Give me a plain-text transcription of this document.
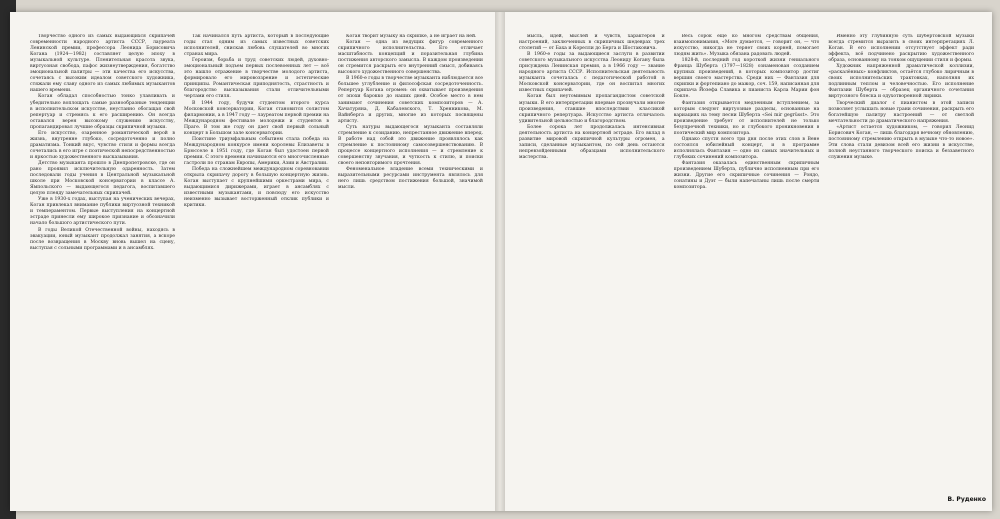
Творчество одного из самых выдающихся скрипачей современности народного артиста СССР, лауреата Ленинской премии, профессора Леонида Борисовича Когана (1924—1982) составляет целую эпоху в музыкальной культуре. Пленительная красота звука, виртуозная свобода, пафос жизнеутверждения, богатство эмоциональной палитры — эти качества его искусства, сочетаясь с высоким идеалом советского художника, стяжали ему славу одного из самых любимых музыкантов нашего времени.

Коган обладал способностью тонко улавливать и убедительно воплощать самые разнообразные тенденции в исполнительском искусстве, неустанно обогащая свой репертуар и стремясь к его расширению. Он всегда оставался верен высокому служению искусству, пропагандировал лучшие образцы скрипичной музыки.

Его искусство, озаренное романтической верой в жизнь, внутренне глубоко, сосредоточенно и полно драматизма. Тонкий вкус, чувство стиля и формы всегда сочетались в его игре с поэтической непосредственностью и яркостью художественного высказывания.

Детство музыканта прошло в Днепропетровске, где он рано проявил исключительную одаренность. Затем последовали годы учения в Центральной музыкальной школе при Московской консерватории в классе А. Ямпольского — выдающегося педагога, воспитавшего целую плеяду замечательных скрипачей.

Уже в 1930-х годах, выступая на ученических вечерах, Коган привлекал внимание публики виртуозной техникой и темпераментом. Первые выступления на концертной эстраде принесли ему широкое признание и обозначили начало большого артистического пути.

В годы Великой Отечественной войны, находясь в эвакуации, юный музыкант продолжал занятия, а вскоре после возвращения в Москву вновь вышел на сцену, выступая с сольными программами и в ансамблях.

Так начинался путь артиста, который в последующие годы стал одним из самых известных советских исполнителей, снискав любовь слушателей во многих странах мира.

Героизм, борьба и труд советских людей, духовно-эмоциональный подъем первых послевоенных лет — всё это нашло отражение в творчестве молодого артиста, формировало его мировоззрение и эстетические принципы. Романтическая приподнятость, страстность и благородство высказывания стали отличительными чертами его стиля.

В 1944 году, будучи студентом второго курса Московской консерватории, Коган становится солистом филармонии, а в 1947 году — лауреатом первой премии на Международном фестивале молодежи и студентов в Праге. В том же году он дает свой первый сольный концерт в Большом зале консерватории.

Поистине триумфальным событием стала победа на Международном конкурсе имени королевы Елизаветы в Брюсселе в 1951 году, где Коган был удостоен первой премии. С этого времени начинаются его многочисленные гастроли по странам Европы, Америки, Азии и Австралии.

Победа на сложнейшем международном соревновании открыла скрипачу дорогу в большую концертную жизнь. Коган выступает с крупнейшими оркестрами мира, с выдающимися дирижерами, играет в ансамблях с известными музыкантами, и повсюду его искусство неизменно вызывает восторженный отклик публики и критики.

Коган творит музыку на скрипке, а не играет на ней.

Коган — одна из ведущих фигур современного скрипичного исполнительства. Его отличает масштабность концепций и поразительная глубина постижения авторского замысла. В каждом произведении он стремится раскрыть его внутренний смысл, добиваясь высокого художественного совершенства.

В 1960-е годы в творчестве музыканта наблюдается все большее углубление и философская сосредоточенность. Репертуар Когана огромен: он охватывает произведения от эпохи барокко до наших дней. Особое место в нем занимают сочинения советских композиторов — А. Хачатуряна, Д. Кабалевского, Т. Хренникова, М. Вайнберга и других, многие из которых посвящены артисту.

Суть натуры выдающегося музыканта составляли стремление к созиданию, непрестанное движение вперед. В работе над собой это движение проявлялось как стремление к постоянному самосовершенствованию. В процессе концертного исполнения — и стремление к совершенству звучания, и чуткость к стилю, и поиски своего неповторимого прочтения.

Феноменальное владение всеми техническими и выразительными ресурсами инструмента являлось для него лишь средством постижения большой, значимой мысли.

мысль, идей, мыслей и чувств, характеров и настроений, заключенных в скрипичных шедеврах трех столетий — от Баха и Корелли до Берга и Шостаковича.

В 1960-е годы за выдающиеся заслуги в развитии советского музыкального искусства Леониду Когану была присуждена Ленинская премия, а в 1966 году — звание народного артиста СССР. Исполнительская деятельность музыканта сочеталась с педагогической работой в Московской консерватории, где он воспитал многих известных скрипачей.

Коган был неутомимым пропагандистом советской музыки. В его интерпретации впервые прозвучали многие произведения, ставшие впоследствии классикой скрипичного репертуара. Искусство артиста отличалось удивительной цельностью и благородством.

Более сорока лет продолжалась интенсивная деятельность артиста на концертной эстраде. Его вклад в развитие мировой скрипичной культуры огромен, а записи, сделанные музыкантом, по сей день остаются непревзойденными образцами исполнительского мастерства.

Весь сорок еще ко многом средствам общения, взаимопонимания, «More думается, — говорит он, — что искусство, никогда не теряет своих корней, помогает людям жить». Музыка обязана радовать людей.

1828-й, последний год короткой жизни гениального Франца Шуберта (1797—1828) ознаменован созданием крупных произведений, в которых композитор достиг вершин своего мастерства. Среди них — Фантазия для скрипки и фортепиано до мажор, соч. 159, написанная для скрипача Йозефа Славика и пианиста Карла Марии фон Бокле.

Фантазия открывается медленным вступлением, за которым следуют виртуозные разделы, основанные на вариациях на тему песни Шуберта «Sei mir gegrüsst». Это произведение требует от исполнителей не только безупречной техники, но и глубокого проникновения в поэтический мир композитора.

Однако спустя всего три дня после этих слов в Вене состоялся юбилейный концерт, и в программе исполнялась Фантазия — одно из самых значительных и глубоких сочинений композитора.

Фантазия оказалась единственным скрипичным произведением Шуберта, публично исполненным при его жизни. Другие его скрипичные сочинения — Рондо, сонатины и Дуэт — были напечатаны лишь после смерти композитора.

Именно эту глубинную суть шубертовской музыки всегда стремится выразить в своих интерпретациях Л. Коган. В его исполнении отсутствует эффект ради эффекта, всё подчинено раскрытию художественного образа, основанному на тонком ощущении стиля и формы.

Художник напряженной драматической коллизии, «раскалённых» конфликтов, остаётся глубоко лиричным в своих исполнительских трактовках, наполняя их подлинным теплом и человечностью. Его исполнение Фантазии Шуберта — образец органичного сочетания виртуозного блеска и одухотворенной лирики.

Творческий диалог с пианистом в этой записи позволяет услышать новые грани сочинения, раскрыть его богатейшую палитру настроений — от светлой мечтательности до драматического напряжения.

«Артист остается художником, — говорил Леонид Борисович Коган, — лишь благодаря вечному обновлению, постоянному стремлению открыть в музыке что-то новое». Эти слова стали девизом всей его жизни в искусстве, полной неустанного творческого поиска и беззаветного служения музыке.

В. Руденко
